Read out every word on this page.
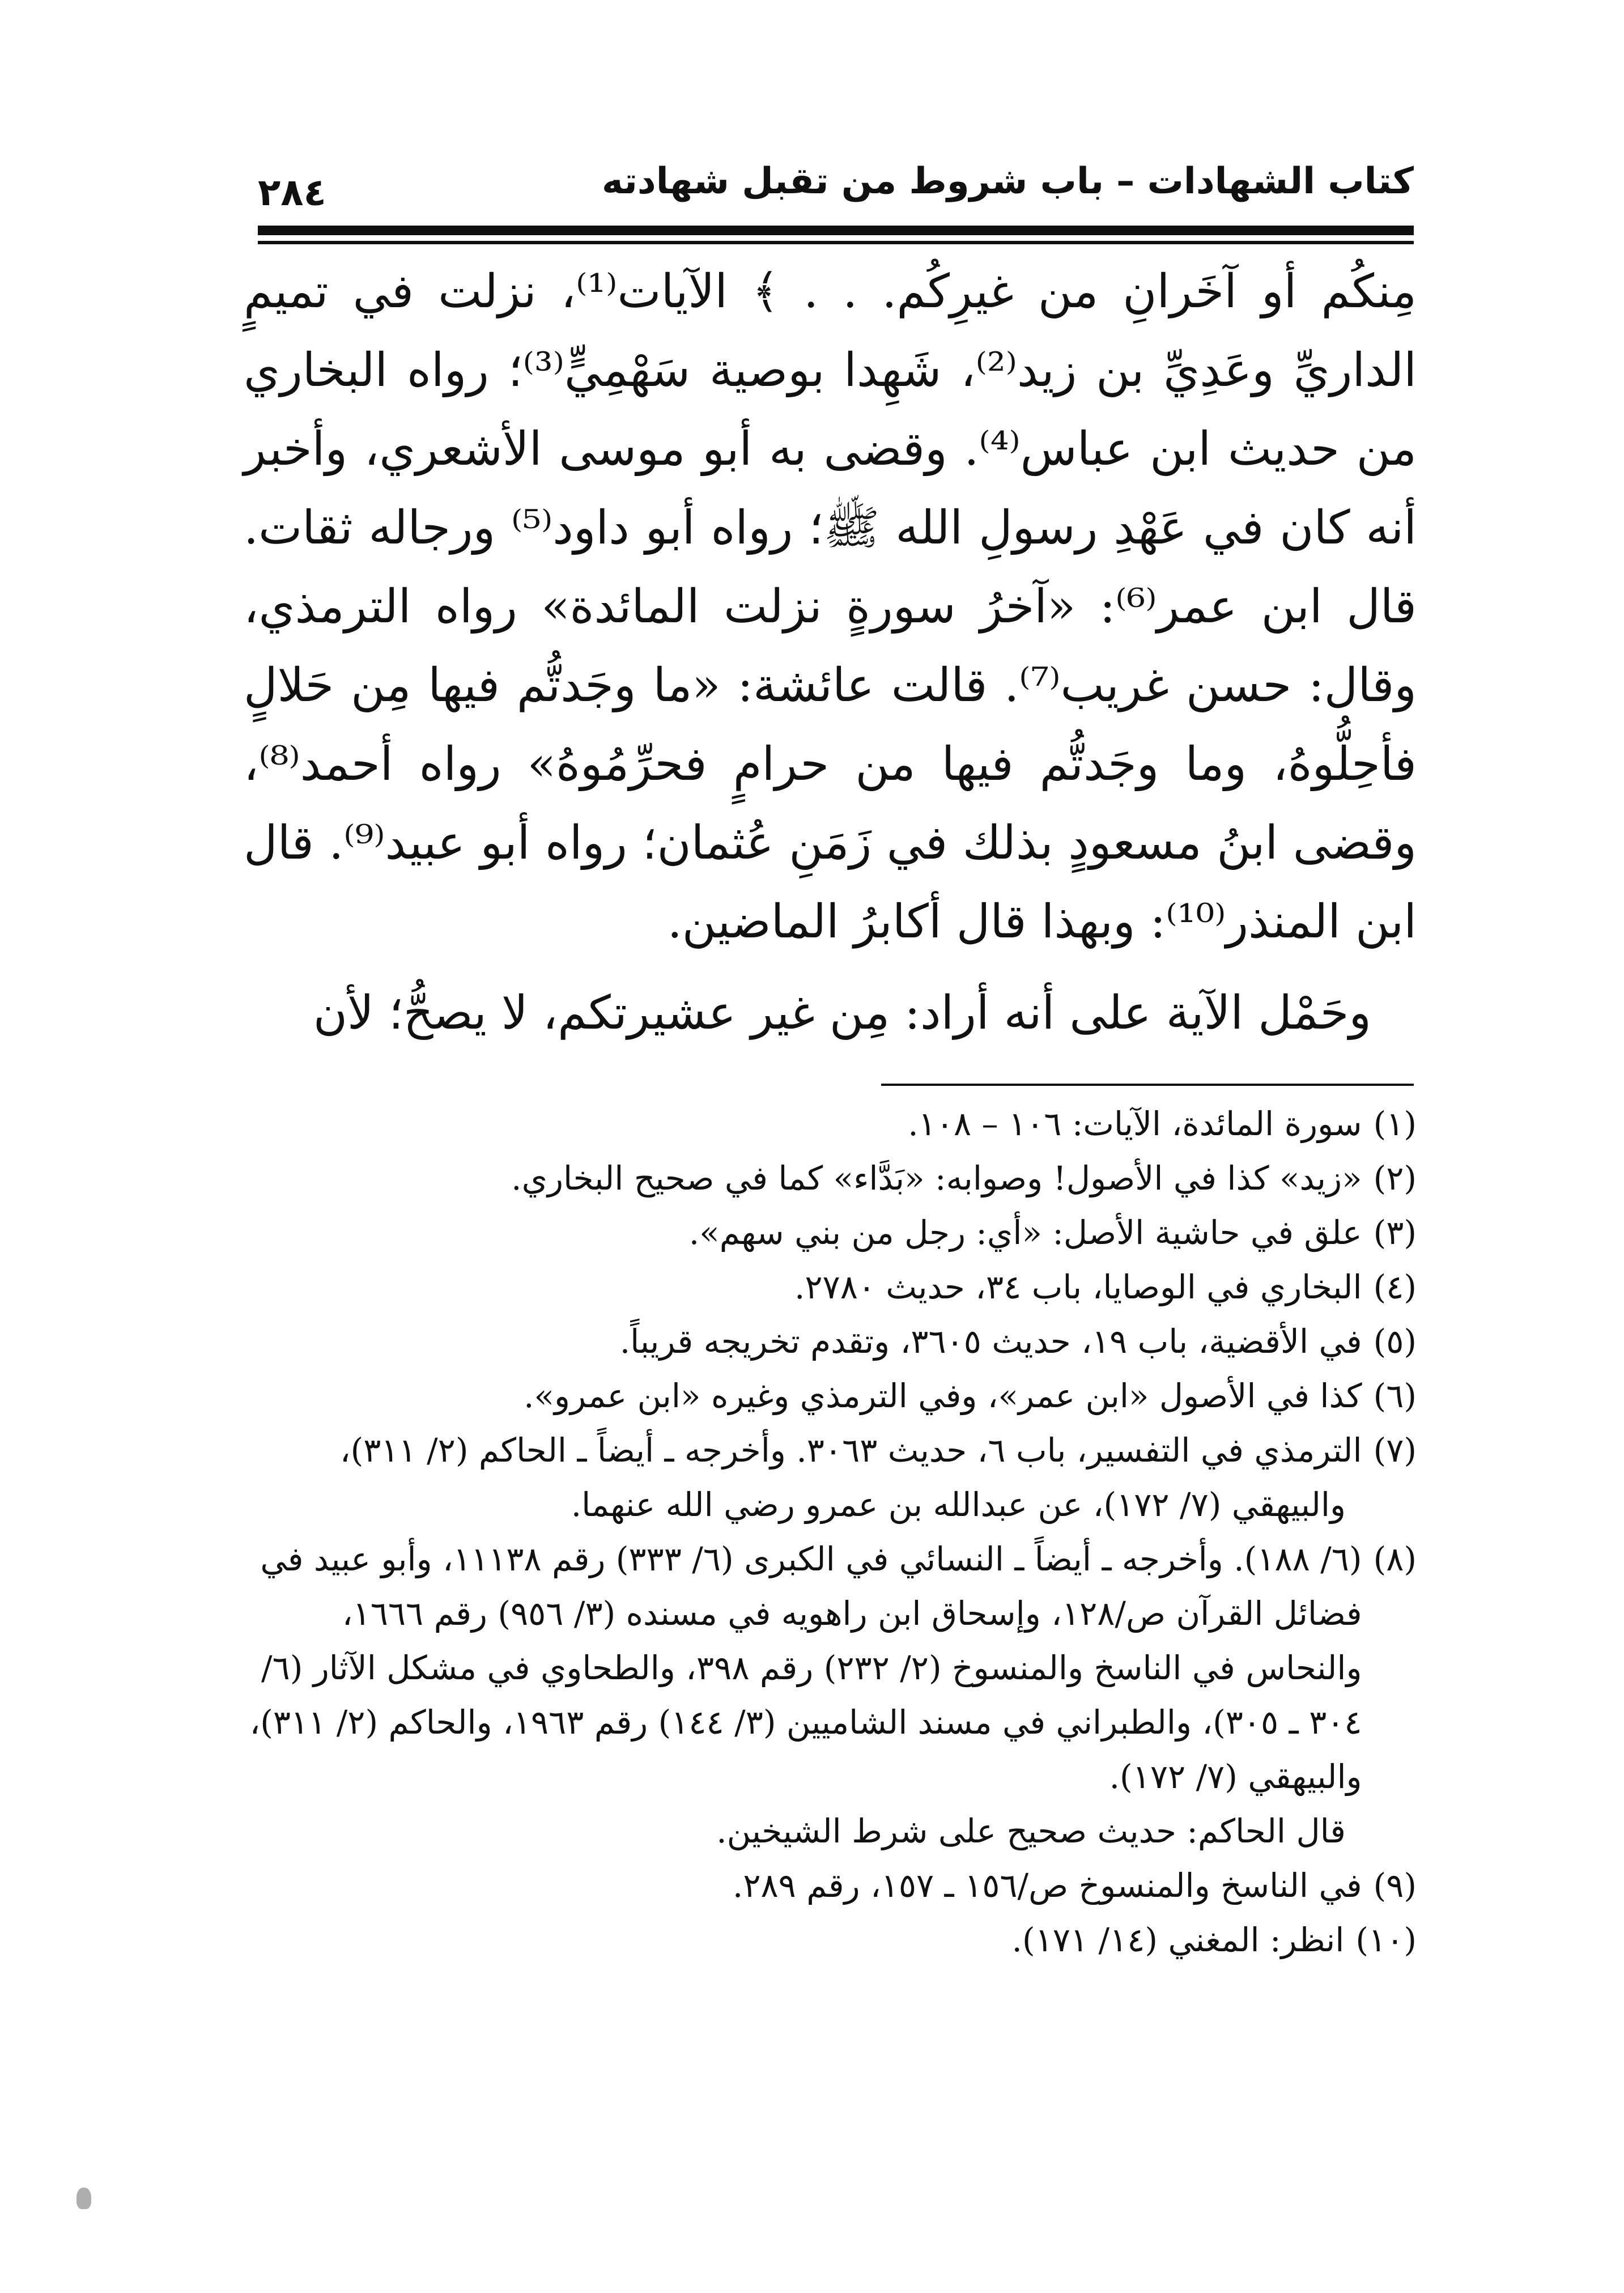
كتاب الشهادات – باب شروط من تقبل شهادته
٢٨٤

مِنكُم أو آخَرانِ من غيرِكُم. . . ﴾ الآيات⁽¹⁾، نزلت في تميمٍ الداريِّ وعَدِيِّ بن زيد⁽²⁾، شَهِدا بوصية سَهْمِيٍّ⁽³⁾؛ رواه البخاري من حديث ابن عباس⁽⁴⁾. وقضى به أبو موسى الأشعري، وأخبر أنه كان في عَهْدِ رسولِ الله ﷺ؛ رواه أبو داود⁽⁵⁾ ورجاله ثقات. قال ابن عمر⁽⁶⁾: «آخرُ سورةٍ نزلت المائدة» رواه الترمذي، وقال: حسن غريب⁽⁷⁾. قالت عائشة: «ما وجَدتُّم فيها مِن حَلالٍ فأحِلُّوهُ، وما وجَدتُّم فيها من حرامٍ فحرِّمُوهُ» رواه أحمد⁽⁸⁾، وقضى ابنُ مسعودٍ بذلك في زَمَنِ عُثمان؛ رواه أبو عبيد⁽⁹⁾. قال ابن المنذر⁽¹⁰⁾: وبهذا قال أكابرُ الماضين.

وحَمْل الآية على أنه أراد: مِن غير عشيرتكم، لا يصحُّ؛ لأن

(١)
سورة المائدة، الآيات: ١٠٦ – ١٠٨.
(٢)
«زيد» كذا في الأصول! وصوابه: «بَدَّاء» كما في صحيح البخاري.
(٣)
علق في حاشية الأصل: «أي: رجل من بني سهم».
(٤)
البخاري في الوصايا، باب ٣٤، حديث ٢٧٨٠.
(٥)
في الأقضية، باب ١٩، حديث ٣٦٠٥، وتقدم تخريجه قريباً.
(٦)
كذا في الأصول «ابن عمر»، وفي الترمذي وغيره «ابن عمرو».
(٧)
الترمذي في التفسير، باب ٦، حديث ٣٠٦٣. وأخرجه ـ أيضاً ـ الحاكم (٢/ ٣١١)،
والبيهقي (٧/ ١٧٢)، عن عبدالله بن عمرو رضي الله عنهما.
(٨)
(٦/ ١٨٨). وأخرجه ـ أيضاً ـ النسائي في الكبرى (٦/ ٣٣٣) رقم ١١١٣٨، وأبو عبيد في فضائل القرآن ص/١٢٨، وإسحاق ابن راهويه في مسنده (٣/ ٩٥٦) رقم ١٦٦٦، والنحاس في الناسخ والمنسوخ (٢/ ٢٣٢) رقم ٣٩٨، والطحاوي في مشكل الآثار (٦/ ٣٠٤ ـ ٣٠٥)، والطبراني في مسند الشاميين (٣/ ١٤٤) رقم ١٩٦٣، والحاكم (٢/ ٣١١)، والبيهقي (٧/ ١٧٢).
قال الحاكم: حديث صحيح على شرط الشيخين.
(٩)
في الناسخ والمنسوخ ص/١٥٦ ـ ١٥٧، رقم ٢٨٩.
(١٠)
انظر: المغني (١٤/ ١٧١).
